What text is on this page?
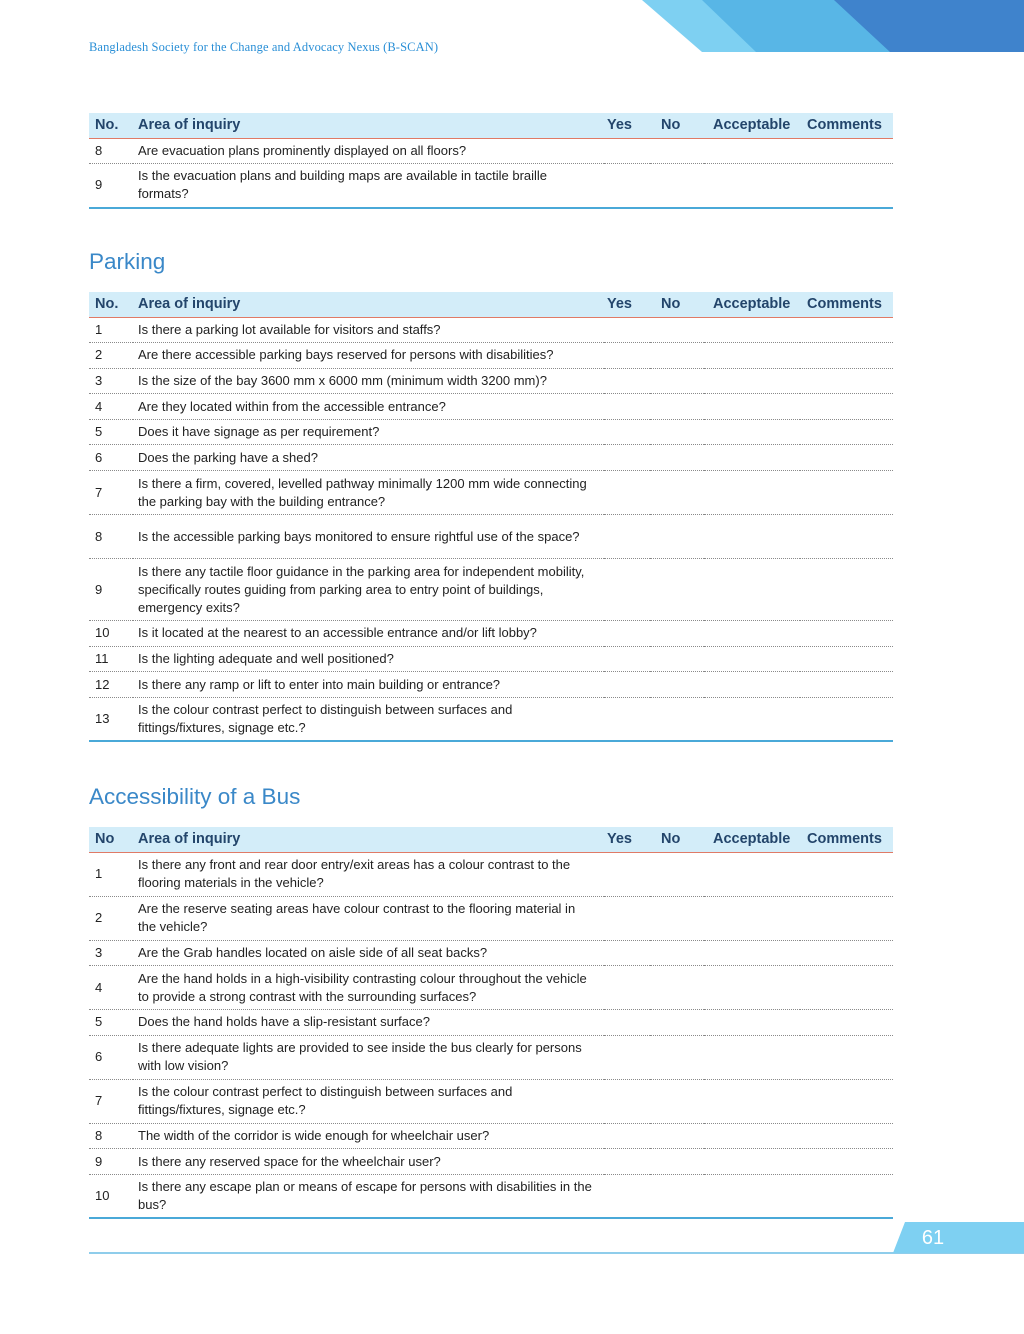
Bangladesh Society for the Change and Advocacy Nexus (B-SCAN)
No.	Area of inquiry	Yes	No	Acceptable	Comments
8	Are evacuation plans prominently displayed on all floors?				
9	Is the evacuation plans and building maps are available in tactile braille formats?				
Parking
No.	Area of inquiry	Yes	No	Acceptable	Comments
1	Is there a parking lot available for visitors and staffs?				
2	Are there accessible parking bays reserved for persons with disabilities?				
3	Is the size of the bay 3600 mm x 6000 mm (minimum width 3200 mm)?				
4	Are they located within from the accessible entrance?				
5	Does it have signage as per requirement?				
6	Does the parking have a shed?				
7	Is there a firm, covered, levelled pathway minimally 1200 mm wide connecting the parking bay with the building entrance?				
8	Is the accessible parking bays monitored to ensure rightful use of the space?				
9	Is there any tactile floor guidance in the parking area for independent mobility, specifically routes guiding from parking area to entry point of buildings, emergency exits?				
10	Is it located at the nearest to an accessible entrance and/or lift lobby?				
11	Is the lighting adequate and well positioned?				
12	Is there any ramp or lift to enter into main building or entrance?				
13	Is the colour contrast perfect to distinguish between surfaces and fittings/fixtures, signage etc.?				
Accessibility of a Bus
No	Area of inquiry	Yes	No	Acceptable	Comments
1	Is there any front and rear door entry/exit areas has a colour contrast to the flooring materials in the vehicle?				
2	Are the reserve seating areas have colour contrast to the flooring material in the vehicle?				
3	Are the Grab handles located on aisle side of all seat backs?				
4	Are the hand holds in a high-visibility contrasting colour throughout the vehicle to provide a strong contrast with the surrounding surfaces?				
5	Does the hand holds have a slip-resistant surface?				
6	Is there adequate lights are provided to see inside the bus clearly for persons with low vision?				
7	Is the colour contrast perfect to distinguish between surfaces and fittings/fixtures, signage etc.?				
8	The width of the corridor is wide enough for wheelchair user?				
9	Is there any reserved space for the wheelchair user?				
10	Is there any escape plan or means of escape for persons with disabilities in the bus?				
61
